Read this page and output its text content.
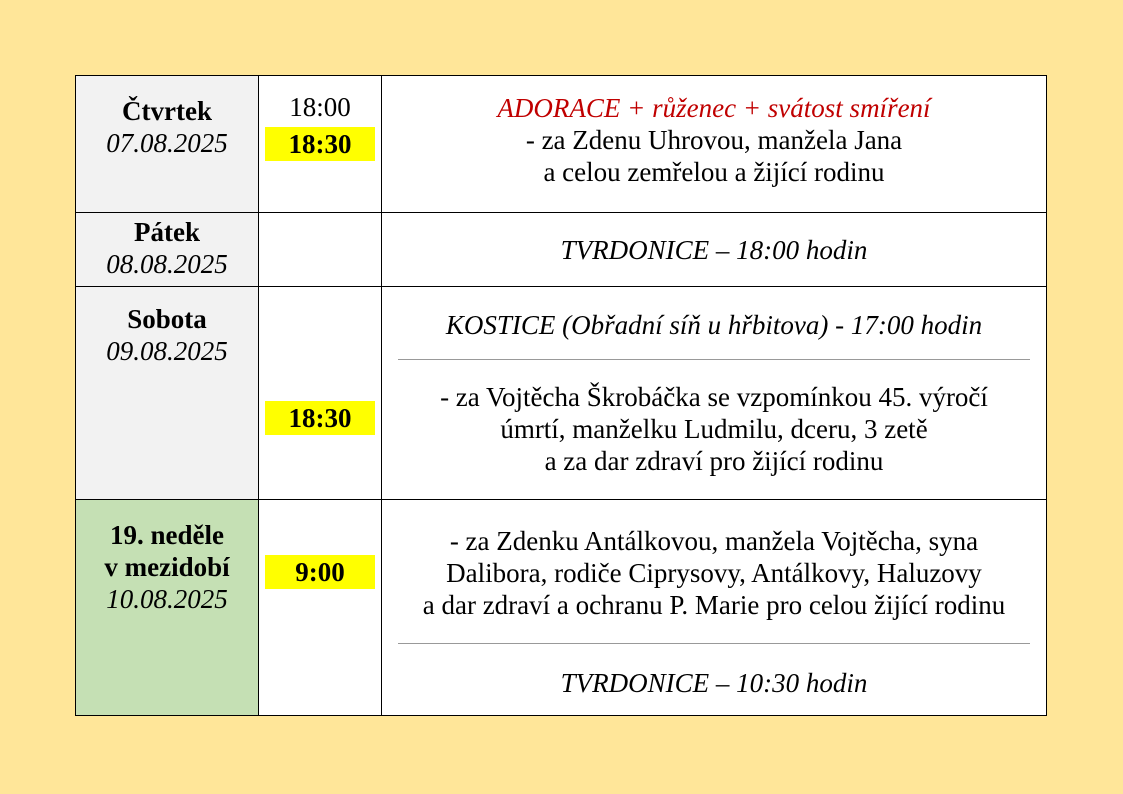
Čtvrtek
07.08.2025
18:00
18:30
ADORACE + růženec + svátost smíření
- za Zdenu Uhrovou, manžela Jana
a celou zemřelou a žijící rodinu
Pátek
08.08.2025	TVRDONICE – 18:00 hodin
Sobota
09.08.2025
18:30
KOSTICE (Obřadní síň u hřbitova) - 17:00 hodin
- za Vojtěcha Škrobáčka se vzpomínkou 45. výročí
úmrtí, manželku Ludmilu, dceru, 3 zetě
a za dar zdraví pro žijící rodinu
19. neděle
v mezidobí
10.08.2025
9:00
- za Zdenku Antálkovou, manžela Vojtěcha, syna
Dalibora, rodiče Ciprysovy, Antálkovy, Haluzovy
a dar zdraví a ochranu P. Marie pro celou žijící rodinu
TVRDONICE – 10:30 hodin
